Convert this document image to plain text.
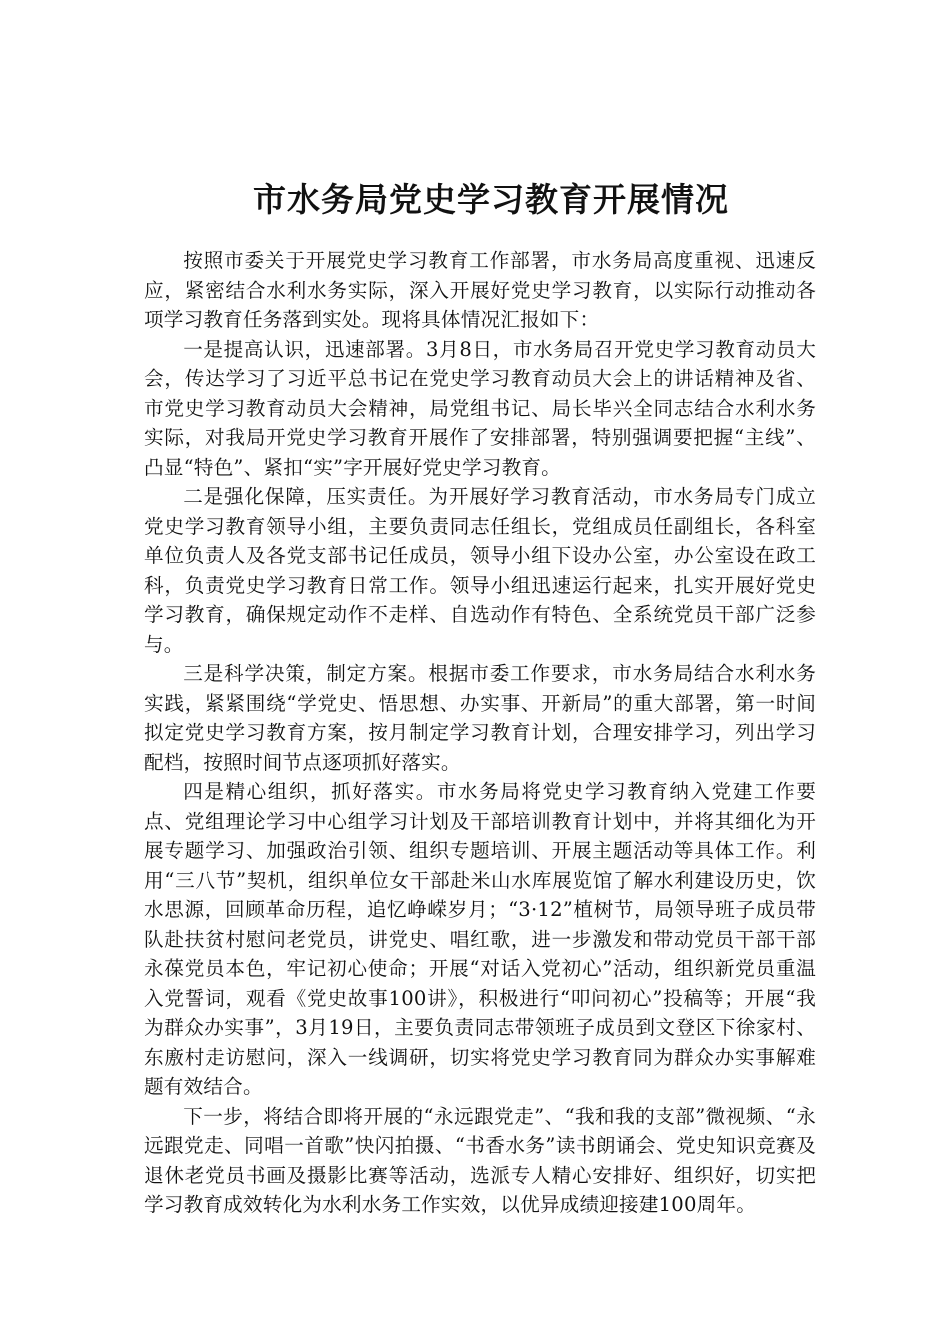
市水务局党史学习教育开展情况

按照市委关于开展党史学习教育工作部署，市水务局高度重视、迅速反应，紧密结合水利水务实际，深入开展好党史学习教育，以实际行动推动各项学习教育任务落到实处。现将具体情况汇报如下：

一是提高认识，迅速部署。3月8日，市水务局召开党史学习教育动员大会，传达学习了习近平总书记在党史学习教育动员大会上的讲话精神及省、市党史学习教育动员大会精神，局党组书记、局长毕兴全同志结合水利水务实际，对我局开党史学习教育开展作了安排部署，特别强调要把握“主线”、凸显“特色”、紧扣“实”字开展好党史学习教育。

二是强化保障，压实责任。为开展好学习教育活动，市水务局专门成立党史学习教育领导小组，主要负责同志任组长，党组成员任副组长，各科室单位负责人及各党支部书记任成员，领导小组下设办公室，办公室设在政工科，负责党史学习教育日常工作。领导小组迅速运行起来，扎实开展好党史学习教育，确保规定动作不走样、自选动作有特色、全系统党员干部广泛参与。

三是科学决策，制定方案。根据市委工作要求，市水务局结合水利水务实践，紧紧围绕“学党史、悟思想、办实事、开新局”的重大部署，第一时间拟定党史学习教育方案，按月制定学习教育计划，合理安排学习，列出学习配档，按照时间节点逐项抓好落实。

四是精心组织，抓好落实。市水务局将党史学习教育纳入党建工作要点、党组理论学习中心组学习计划及干部培训教育计划中，并将其细化为开展专题学习、加强政治引领、组织专题培训、开展主题活动等具体工作。利用“三八节”契机，组织单位女干部赴米山水库展览馆了解水利建设历史，饮水思源，回顾革命历程，追忆峥嵘岁月；“3·12”植树节，局领导班子成员带队赴扶贫村慰问老党员，讲党史、唱红歌，进一步激发和带动党员干部干部永葆党员本色，牢记初心使命；开展“对话入党初心”活动，组织新党员重温入党誓词，观看《党史故事100讲》，积极进行“叩问初心”投稿等；开展“我为群众办实事”，3月19日，主要负责同志带领班子成员到文登区下徐家村、东廒村走访慰问，深入一线调研，切实将党史学习教育同为群众办实事解难题有效结合。

下一步，将结合即将开展的“永远跟党走”、“我和我的支部”微视频、“永远跟党走、同唱一首歌”快闪拍摄、“书香水务”读书朗诵会、党史知识竞赛及退休老党员书画及摄影比赛等活动，选派专人精心安排好、组织好，切实把学习教育成效转化为水利水务工作实效，以优异成绩迎接建100周年。
